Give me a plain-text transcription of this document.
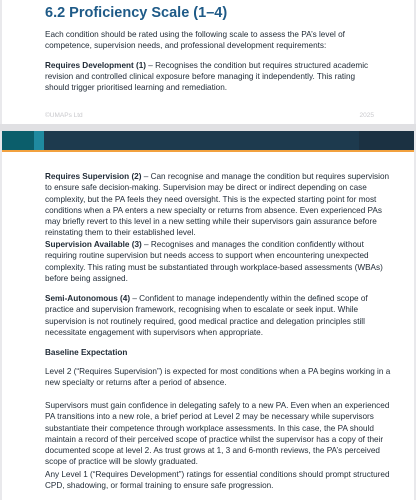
6.2 Proficiency Scale (1–4)

Each condition should be rated using the following scale to assess the PA’s level of competence, supervision needs, and professional development requirements:

Requires Development (1) – Recognises the condition but requires structured academic revision and controlled clinical exposure before managing it independently. This rating should trigger prioritised learning and remediation.

©UMAPs Ltd	2025

Requires Supervision (2) – Can recognise and manage the condition but requires supervision to ensure safe decision-making. Supervision may be direct or indirect depending on case complexity, but the PA feels they need oversight. This is the expected starting point for most conditions when a PA enters a new specialty or returns from absence. Even experienced PAs may briefly revert to this level in a new setting while their supervisors gain assurance before reinstating them to their established level.

Supervision Available (3) – Recognises and manages the condition confidently without requiring routine supervision but needs access to support when encountering unexpected complexity. This rating must be substantiated through workplace-based assessments (WBAs) before being assigned.

Semi-Autonomous (4) – Confident to manage independently within the defined scope of practice and supervision framework, recognising when to escalate or seek input. While supervision is not routinely required, good medical practice and delegation principles still necessitate engagement with supervisors when appropriate.

Baseline Expectation

Level 2 (“Requires Supervision”) is expected for most conditions when a PA begins working in a new specialty or returns after a period of absence.

Supervisors must gain confidence in delegating safely to a new PA. Even when an experienced PA transitions into a new role, a brief period at Level 2 may be necessary while supervisors substantiate their competence through workplace assessments. In this case, the PA should maintain a record of their perceived scope of practice whilst the supervisor has a copy of their documented scope at level 2. As trust grows at 1, 3 and 6-month reviews, the PA’s perceived scope of practice will be slowly graduated.

Any Level 1 (“Requires Development”) ratings for essential conditions should prompt structured CPD, shadowing, or formal training to ensure safe progression.
